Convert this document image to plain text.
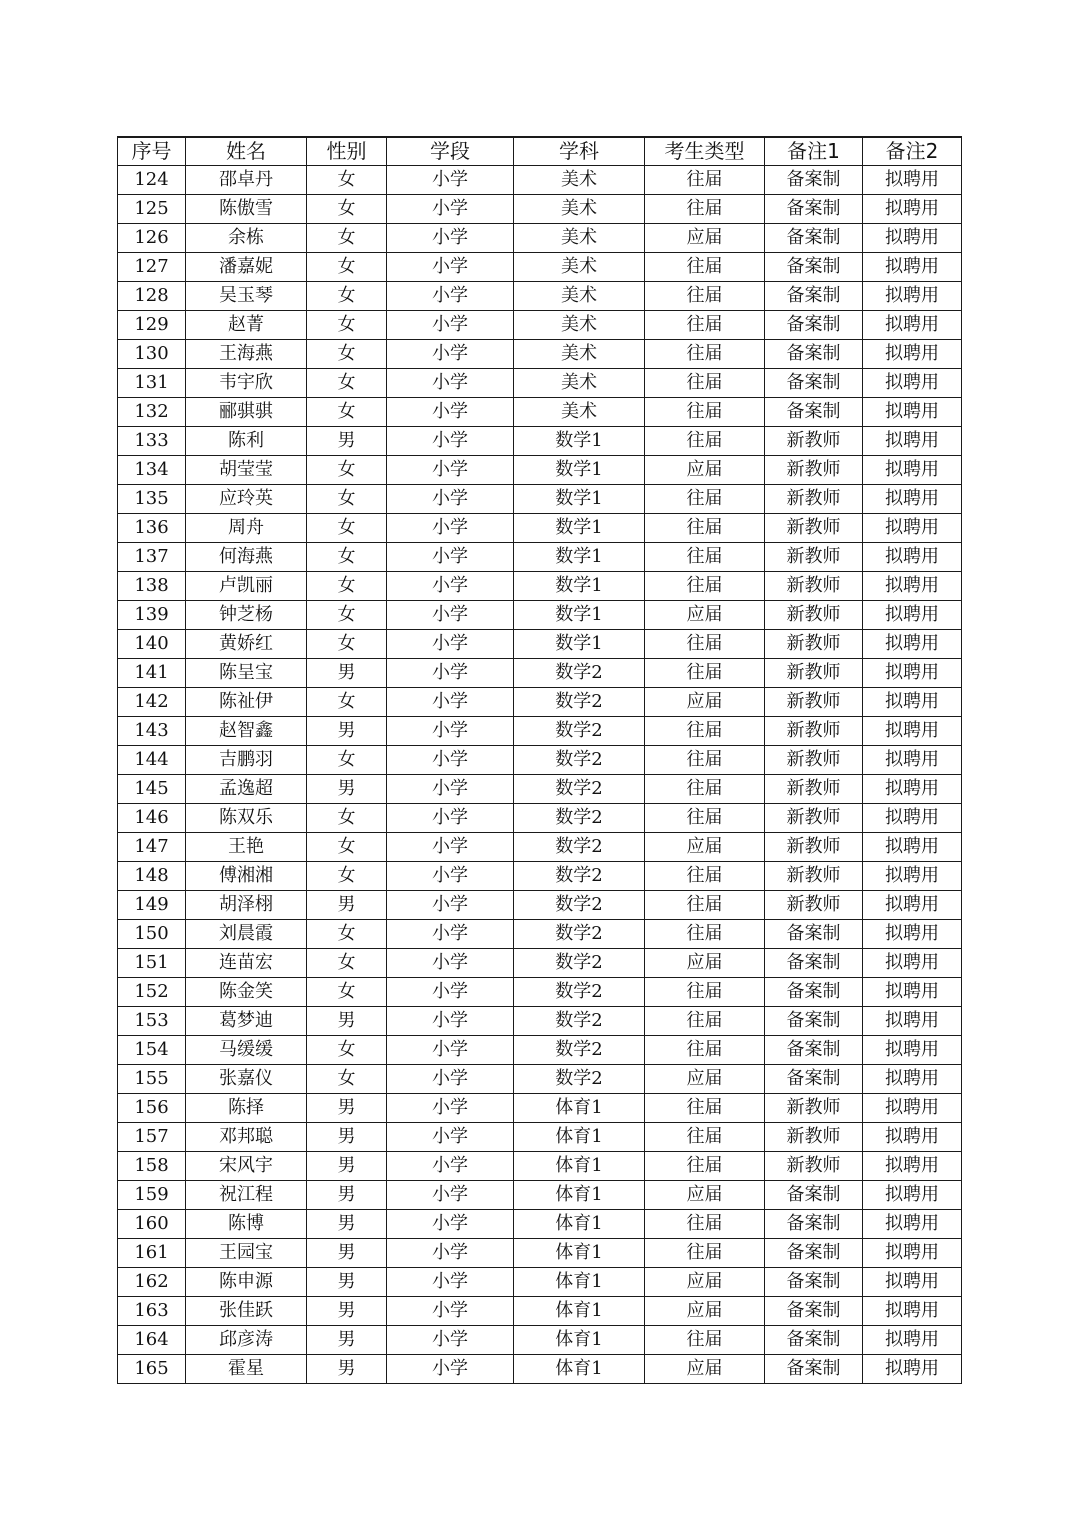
序号	姓名	性别	学段	学科	考生类型	备注1	备注2
124	邵卓丹	女	小学	美术	往届	备案制	拟聘用
125	陈傲雪	女	小学	美术	往届	备案制	拟聘用
126	余栋	女	小学	美术	应届	备案制	拟聘用
127	潘嘉妮	女	小学	美术	往届	备案制	拟聘用
128	吴玉琴	女	小学	美术	往届	备案制	拟聘用
129	赵菁	女	小学	美术	往届	备案制	拟聘用
130	王海燕	女	小学	美术	往届	备案制	拟聘用
131	韦宇欣	女	小学	美术	往届	备案制	拟聘用
132	郦骐骐	女	小学	美术	往届	备案制	拟聘用
133	陈利	男	小学	数学1	往届	新教师	拟聘用
134	胡莹莹	女	小学	数学1	应届	新教师	拟聘用
135	应玲英	女	小学	数学1	往届	新教师	拟聘用
136	周舟	女	小学	数学1	往届	新教师	拟聘用
137	何海燕	女	小学	数学1	往届	新教师	拟聘用
138	卢凯丽	女	小学	数学1	往届	新教师	拟聘用
139	钟芝杨	女	小学	数学1	应届	新教师	拟聘用
140	黄娇红	女	小学	数学1	往届	新教师	拟聘用
141	陈呈宝	男	小学	数学2	往届	新教师	拟聘用
142	陈祉伊	女	小学	数学2	应届	新教师	拟聘用
143	赵智鑫	男	小学	数学2	往届	新教师	拟聘用
144	吉鹏羽	女	小学	数学2	往届	新教师	拟聘用
145	孟逸超	男	小学	数学2	往届	新教师	拟聘用
146	陈双乐	女	小学	数学2	往届	新教师	拟聘用
147	王艳	女	小学	数学2	应届	新教师	拟聘用
148	傅湘湘	女	小学	数学2	往届	新教师	拟聘用
149	胡泽栩	男	小学	数学2	往届	新教师	拟聘用
150	刘晨霞	女	小学	数学2	往届	备案制	拟聘用
151	连苗宏	女	小学	数学2	应届	备案制	拟聘用
152	陈金笑	女	小学	数学2	往届	备案制	拟聘用
153	葛梦迪	男	小学	数学2	往届	备案制	拟聘用
154	马缓缓	女	小学	数学2	往届	备案制	拟聘用
155	张嘉仪	女	小学	数学2	应届	备案制	拟聘用
156	陈择	男	小学	体育1	往届	新教师	拟聘用
157	邓邦聪	男	小学	体育1	往届	新教师	拟聘用
158	宋风宇	男	小学	体育1	往届	新教师	拟聘用
159	祝江程	男	小学	体育1	应届	备案制	拟聘用
160	陈博	男	小学	体育1	往届	备案制	拟聘用
161	王园宝	男	小学	体育1	往届	备案制	拟聘用
162	陈申源	男	小学	体育1	应届	备案制	拟聘用
163	张佳跃	男	小学	体育1	应届	备案制	拟聘用
164	邱彦涛	男	小学	体育1	往届	备案制	拟聘用
165	霍星	男	小学	体育1	应届	备案制	拟聘用
